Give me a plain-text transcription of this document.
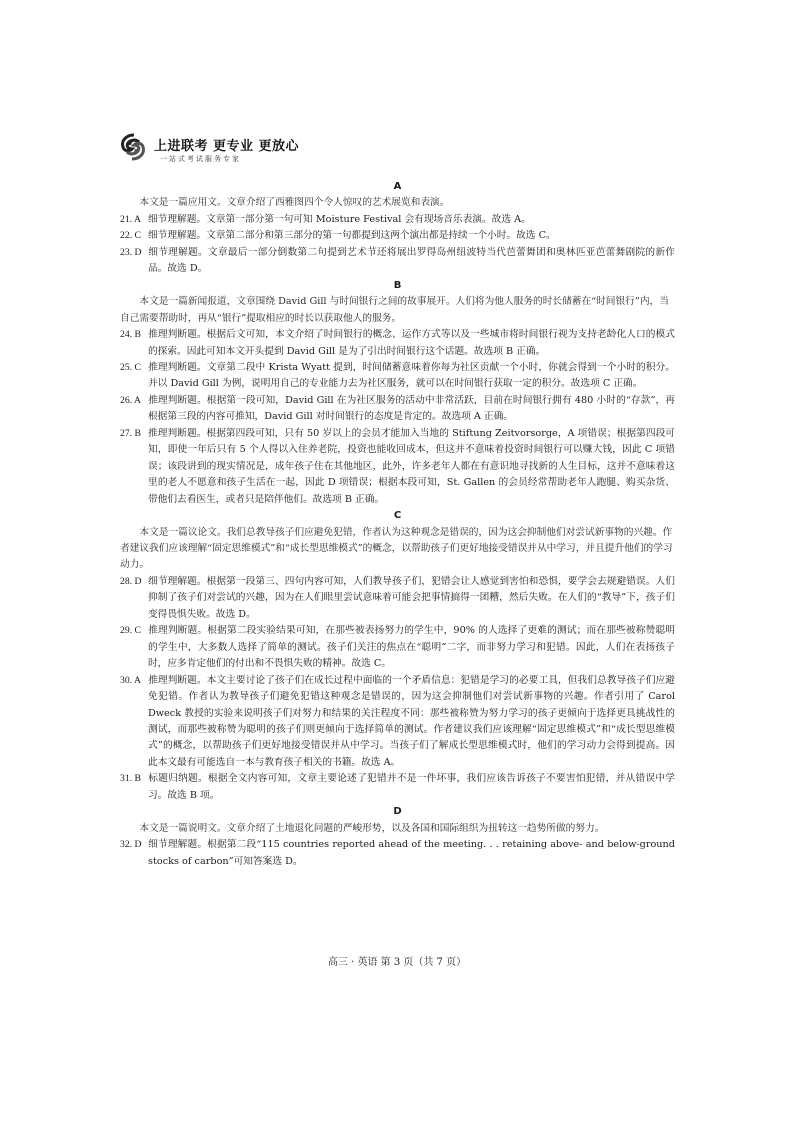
上进联考 更专业 更放心
一站式考试服务专家

A

本文是一篇应用文。文章介绍了西雅图四个令人惊叹的艺术展览和表演。

21. A 细节理解题。文章第一部分第一句可知 Moisture Festival 会有现场音乐表演。故选 A。

22. C 细节理解题。文章第二部分和第三部分的第一句都提到这两个演出都是持续一个小时。故选 C。

23. D 细节理解题。文章最后一部分倒数第二句提到艺术节还将展出罗得岛州纽波特当代芭蕾舞团和奥林匹亚芭蕾舞剧院的新作品。故选 D。

B

本文是一篇新闻报道，文章围绕 David Gill 与时间银行之间的故事展开。人们将为他人服务的时长储蓄在“时间银行”内，当自己需要帮助时，再从“银行”提取相应的时长以获取他人的服务。

24. B 推理判断题。根据后文可知，本文介绍了时间银行的概念、运作方式等以及一些城市将时间银行视为支持老龄化人口的模式的探索。因此可知本文开头提到 David Gill 是为了引出时间银行这个话题。故选项 B 正确。

25. C 推理判断题。文章第二段中 Krista Wyatt 提到，时间储蓄意味着你每为社区贡献一个小时，你就会得到一个小时的积分。并以 David Gill 为例，说明用自己的专业能力去为社区服务，就可以在时间银行获取一定的积分。故选项 C 正确。

26. A 推理判断题。根据第一段可知，David Gill 在为社区服务的活动中非常活跃，目前在时间银行拥有 480 小时的“存款”，再根据第三段的内容可推知，David Gill 对时间银行的态度是肯定的。故选项 A 正确。

27. B 推理判断题。根据第四段可知，只有 50 岁以上的会员才能加入当地的 Stiftung Zeitvorsorge，A 项错误；根据第四段可知，即使一年后只有 5 个人得以入住养老院，投资也能收回成本，但这并不意味着投资时间银行可以赚大钱，因此 C 项错误；该段讲到的现实情况是，成年孩子住在其他地区，此外，许多老年人都在有意识地寻找新的人生目标，这并不意味着这里的老人不愿意和孩子生活在一起，因此 D 项错误；根据本段可知，St. Gallen 的会员经常帮助老年人跑腿、购买杂货、带他们去看医生，或者只是陪伴他们。故选项 B 正确。

C

本文是一篇议论文。我们总教导孩子们应避免犯错，作者认为这种观念是错误的，因为这会抑制他们对尝试新事物的兴趣。作者建议我们应该理解“固定思维模式”和“成长型思维模式”的概念，以帮助孩子们更好地接受错误并从中学习，并且提升他们的学习动力。

28. D 细节理解题。根据第一段第三、四句内容可知，人们教导孩子们，犯错会让人感觉到害怕和恐惧，要学会去规避错误。人们抑制了孩子们对尝试的兴趣，因为在人们眼里尝试意味着可能会把事情搞得一团糟，然后失败。在人们的“教导”下，孩子们变得畏惧失败。故选 D。

29. C 推理判断题。根据第二段实验结果可知，在那些被表扬努力的学生中，90% 的人选择了更难的测试；而在那些被称赞聪明的学生中，大多数人选择了简单的测试。孩子们关注的焦点在“聪明”二字，而非努力学习和犯错。因此，人们在表扬孩子时，应多肯定他们的付出和不畏惧失败的精神。故选 C。

30. A 推理判断题。本文主要讨论了孩子们在成长过程中面临的一个矛盾信息：犯错是学习的必要工具，但我们总教导孩子们应避免犯错。作者认为教导孩子们避免犯错这种观念是错误的，因为这会抑制他们对尝试新事物的兴趣。作者引用了 Carol Dweck 教授的实验来说明孩子们对努力和结果的关注程度不同：那些被称赞为努力学习的孩子更倾向于选择更具挑战性的测试，而那些被称赞为聪明的孩子们则更倾向于选择简单的测试。作者建议我们应该理解“固定思维模式”和“成长型思维模式”的概念，以帮助孩子们更好地接受错误并从中学习。当孩子们了解成长型思维模式时，他们的学习动力会得到提高。因此本文最有可能选自一本与教育孩子相关的书籍。故选 A。

31. B 标题归纳题。根据全文内容可知，文章主要论述了犯错并不是一件坏事，我们应该告诉孩子不要害怕犯错，并从错误中学习。故选 B 项。

D

本文是一篇说明文。文章介绍了土地退化问题的严峻形势，以及各国和国际组织为扭转这一趋势所做的努力。

32. D 细节理解题。根据第二段“115 countries reported ahead of the meeting. . . retaining above- and below-ground stocks of carbon”可知答案选 D。

高三 · 英语 第 3 页（共 7 页）
